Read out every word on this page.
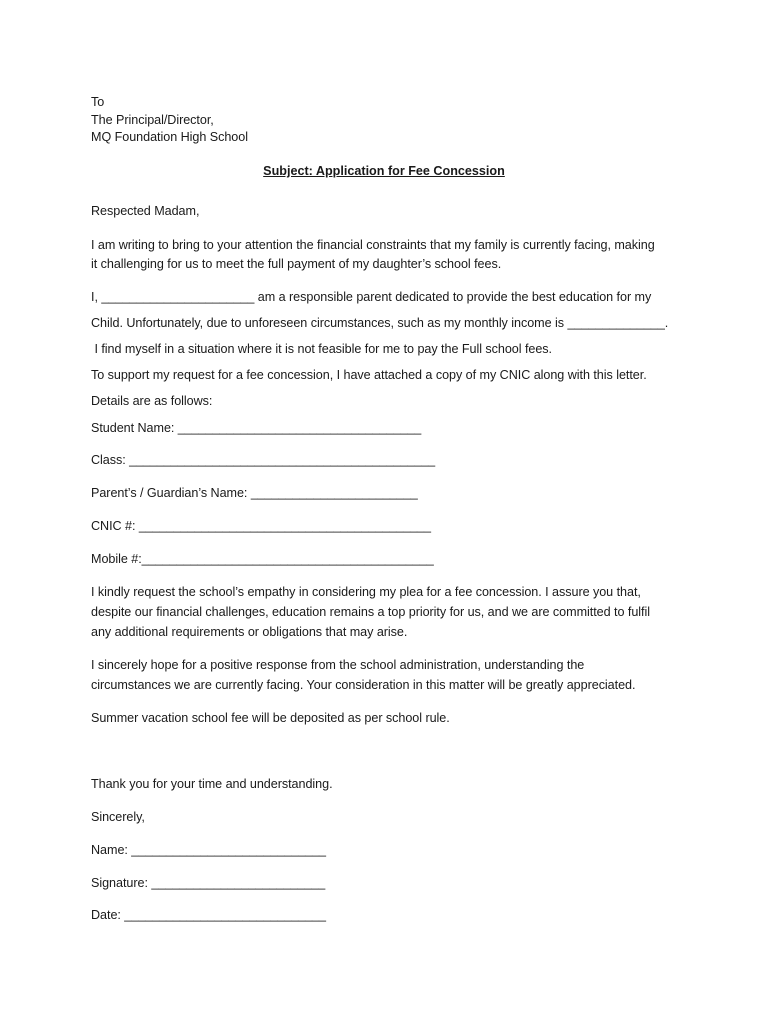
To
The Principal/Director,
MQ Foundation High School
Subject: Application for Fee Concession
Respected Madam,
I am writing to bring to your attention the financial constraints that my family is currently facing, making
it challenging for us to meet the full payment of my daughter’s school fees.
I, ______________________ am a responsible parent dedicated to provide the best education for my
Child. Unfortunately, due to unforeseen circumstances, such as my monthly income is ______________.
I find myself in a situation where it is not feasible for me to pay the Full school fees.
To support my request for a fee concession, I have attached a copy of my CNIC along with this letter.
Details are as follows:
Student Name: ___________________________________
Class: ____________________________________________
Parent’s / Guardian’s Name: ________________________
CNIC #: __________________________________________
Mobile #:__________________________________________
I kindly request the school’s empathy in considering my plea for a fee concession. I assure you that,
despite our financial challenges, education remains a top priority for us, and we are committed to fulfil
any additional requirements or obligations that may arise.
I sincerely hope for a positive response from the school administration, understanding the
circumstances we are currently facing. Your consideration in this matter will be greatly appreciated.
Summer vacation school fee will be deposited as per school rule.
Thank you for your time and understanding.
Sincerely,
Name: ____________________________
Signature: _________________________
Date: _____________________________
